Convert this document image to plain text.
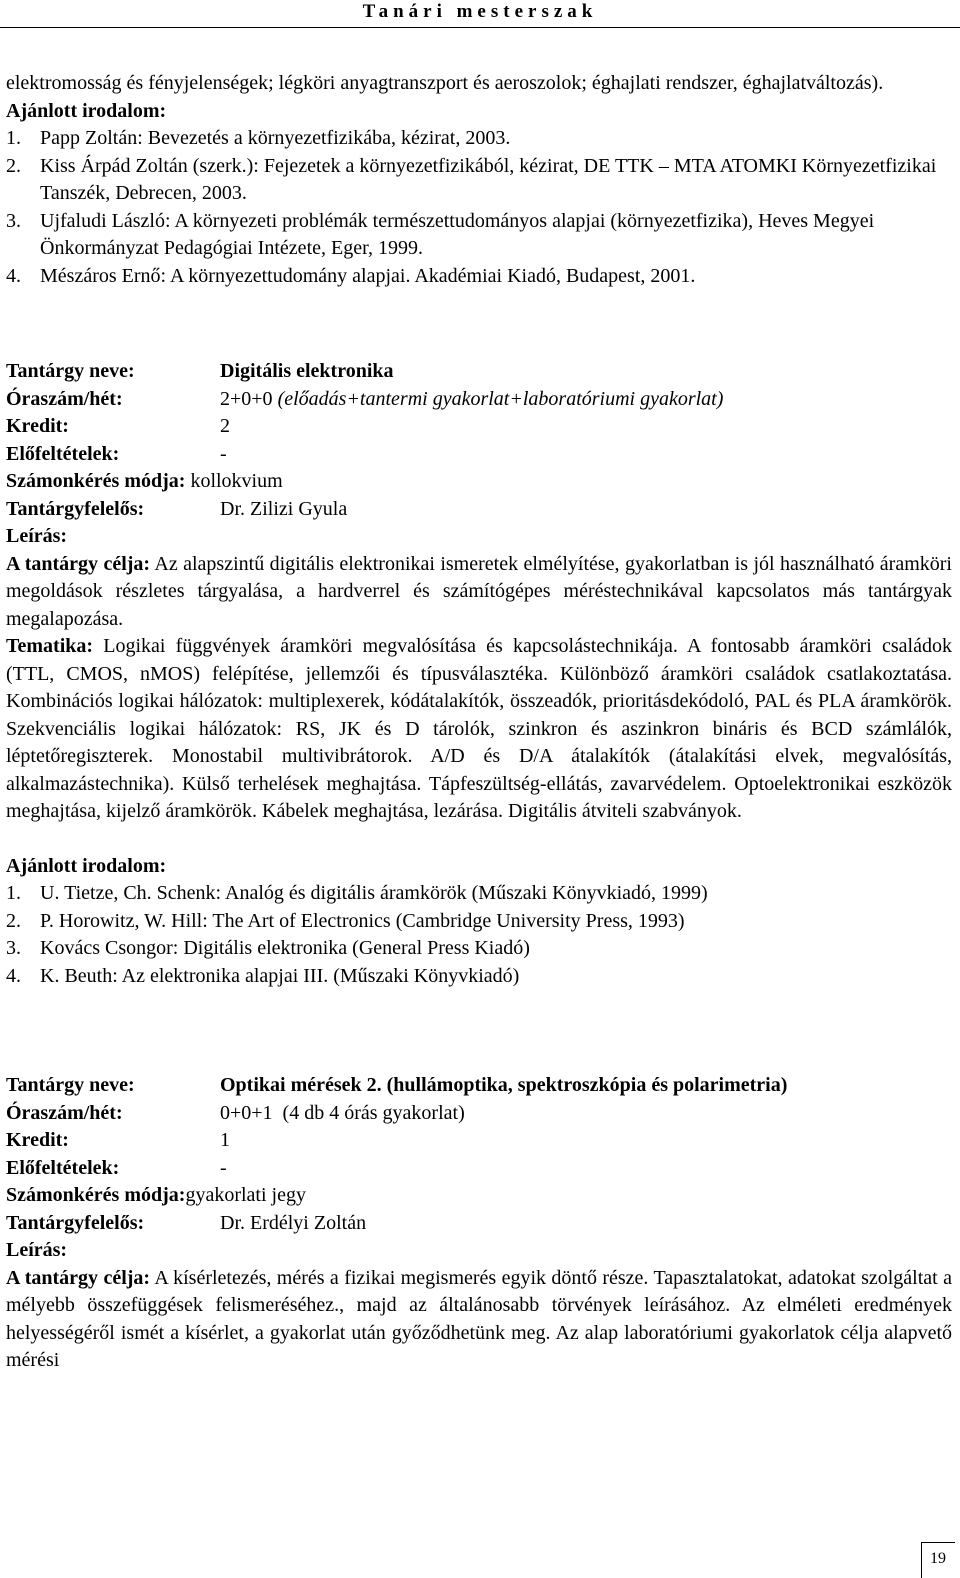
Tanári mesterszak

elektromosság és fényjelenségek; légköri anyagtranszport és aeroszolok; éghajlati rendszer, éghajlatváltozás).

Ajánlott irodalom:

1. Papp Zoltán: Bevezetés a környezetfizikába, kézirat, 2003.

2. Kiss Árpád Zoltán (szerk.): Fejezetek a környezetfizikából, kézirat, DE TTK – MTA ATOMKI Környezetfizikai Tanszék, Debrecen, 2003.

3. Ujfaludi László: A környezeti problémák természettudományos alapjai (környezetfizika), Heves Megyei Önkormányzat Pedagógiai Intézete, Eger, 1999.

4. Mészáros Ernő: A környezettudomány alapjai. Akadémiai Kiadó, Budapest, 2001.

Tantárgy neve:	Digitális elektronika

Óraszám/hét:	2+0+0
(előadás+tantermi gyakorlat+laboratóriumi gyakorlat)

Kredit:	2

Előfeltételek:	-

Számonkérés módja:
kollokvium

Tantárgyfelelős:	Dr. Zilizi Gyula

Leírás:

A tantárgy célja: Az alapszintű digitális elektronikai ismeretek elmélyítése, gyakorlatban is jól használható áramköri megoldások részletes tárgyalása, a hardverrel és számítógépes méréstechnikával kapcsolatos más tantárgyak megalapozása.

Tematika: Logikai függvények áramköri megvalósítása és kapcsolástechnikája. A fontosabb áramköri családok (TTL, CMOS, nMOS) felépítése, jellemzői és típusválasztéka. Különböző áramköri családok csatlakoztatása. Kombinációs logikai hálózatok: multiplexerek, kódátalakítók, összeadók, prioritásdekódoló, PAL és PLA áramkörök. Szekvenciális logikai hálózatok: RS, JK és D tárolók, szinkron és aszinkron bináris és BCD számlálók, léptetőregiszterek. Monostabil multivibrátorok. A/D és D/A átalakítók (átalakítási elvek, megvalósítás, alkalmazástechnika). Külső terhelések meghajtása. Tápfeszültség-ellátás, zavarvédelem. Optoelektronikai eszközök meghajtása, kijelző áramkörök. Kábelek meghajtása, lezárása. Digitális átviteli szabványok.

Ajánlott irodalom:

1. U. Tietze, Ch. Schenk: Analóg és digitális áramkörök (Műszaki Könyvkiadó, 1999)

2. P. Horowitz, W. Hill: The Art of Electronics (Cambridge University Press, 1993)

3. Kovács Csongor: Digitális elektronika (General Press Kiadó)

4. K. Beuth: Az elektronika alapjai III. (Műszaki Könyvkiadó)

Tantárgy neve:	Optikai mérések 2. (hullámoptika, spektroszkópia és polarimetria)

Óraszám/hét:	0+0+1  (4 db 4 órás gyakorlat)

Kredit:	1

Előfeltételek:	-

Számonkérés módja: gyakorlati jegy

Tantárgyfelelős:	Dr. Erdélyi Zoltán

Leírás:

A tantárgy célja: A kísérletezés, mérés a fizikai megismerés egyik döntő része. Tapasztalatokat, adatokat szolgáltat a mélyebb összefüggések felismeréséhez., majd az általánosabb törvények leírásához. Az elméleti eredmények helyességéről ismét a kísérlet, a gyakorlat után győződhetünk meg. Az alap laboratóriumi gyakorlatok célja alapvető mérési

19
